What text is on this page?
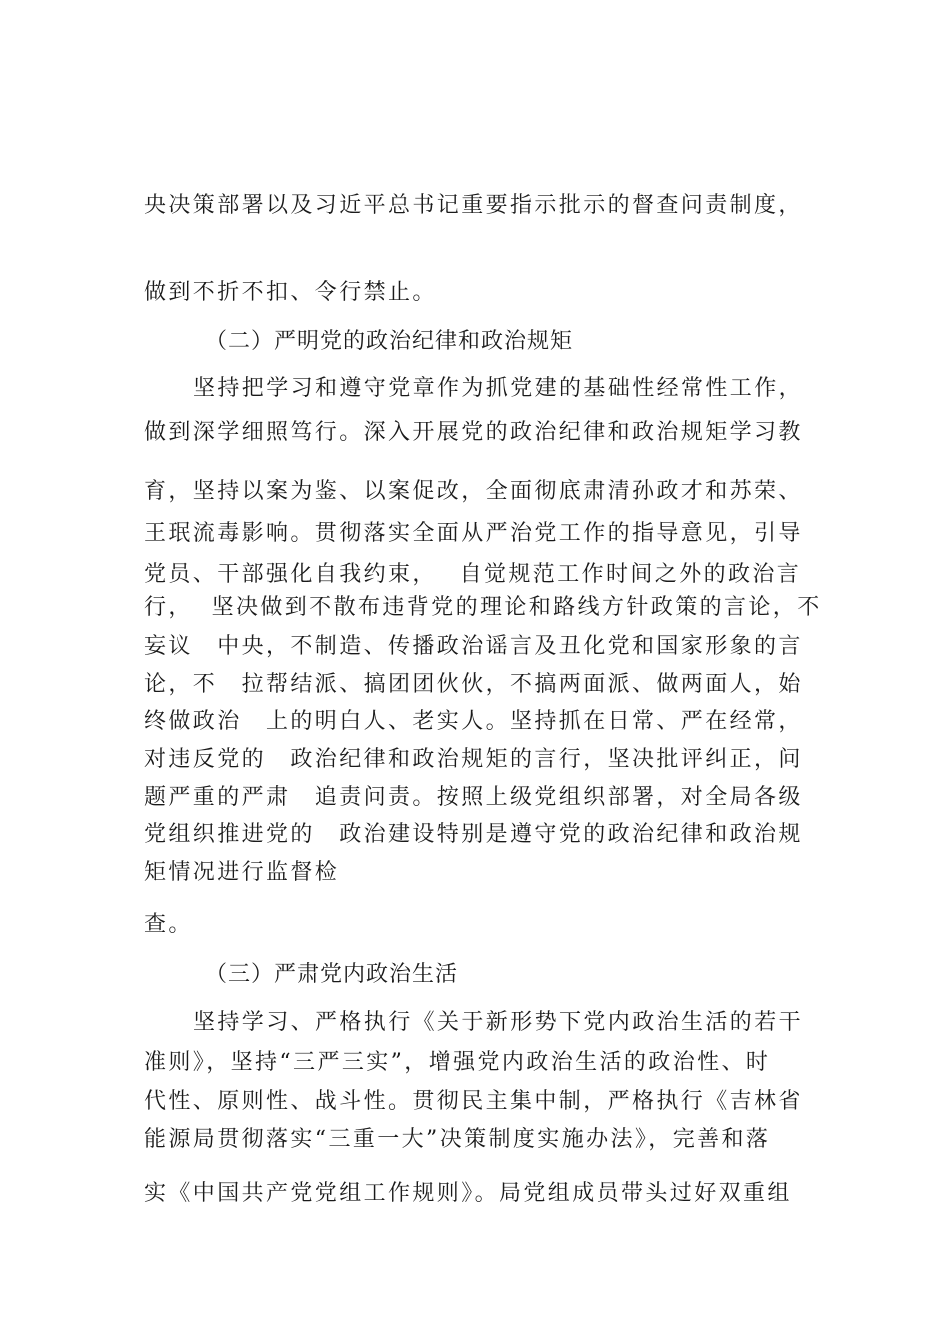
央决策部署以及习近平总书记重要指示批示的督查问责制度，
做到不折不扣、令行禁止。
（二）严明党的政治纪律和政治规矩
坚持把学习和遵守党章作为抓党建的基础性经常性工作，
做到深学细照笃行。深入开展党的政治纪律和政治规矩学习教
育，坚持以案为鉴、以案促改，全面彻底肃清孙政才和苏荣、
王珉流毒影响。贯彻落实全面从严治党工作的指导意见，引导
党员、干部强化自我约束，　 自觉规范工作时间之外的政治言
行，  坚决做到不散布违背党的理论和路线方针政策的言论，不
妄议　中央，不制造、传播政治谣言及丑化党和国家形象的言
论，不　拉帮结派、搞团团伙伙，不搞两面派、做两面人，始
终做政治　上的明白人、老实人。坚持抓在日常、严在经常，
对违反党的　政治纪律和政治规矩的言行，坚决批评纠正，问
题严重的严肃　追责问责。按照上级党组织部署，对全局各级
党组织推进党的　政治建设特别是遵守党的政治纪律和政治规
矩情况进行监督检
查。
（三）严肃党内政治生活
坚持学习、严格执行《关于新形势下党内政治生活的若干
准则》，坚持“三严三实”，增强党内政治生活的政治性、时
代性、原则性、战斗性。贯彻民主集中制，严格执行《吉林省
能源局贯彻落实“三重一大”决策制度实施办法》，完善和落
实《中国共产党党组工作规则》。局党组成员带头过好双重组
